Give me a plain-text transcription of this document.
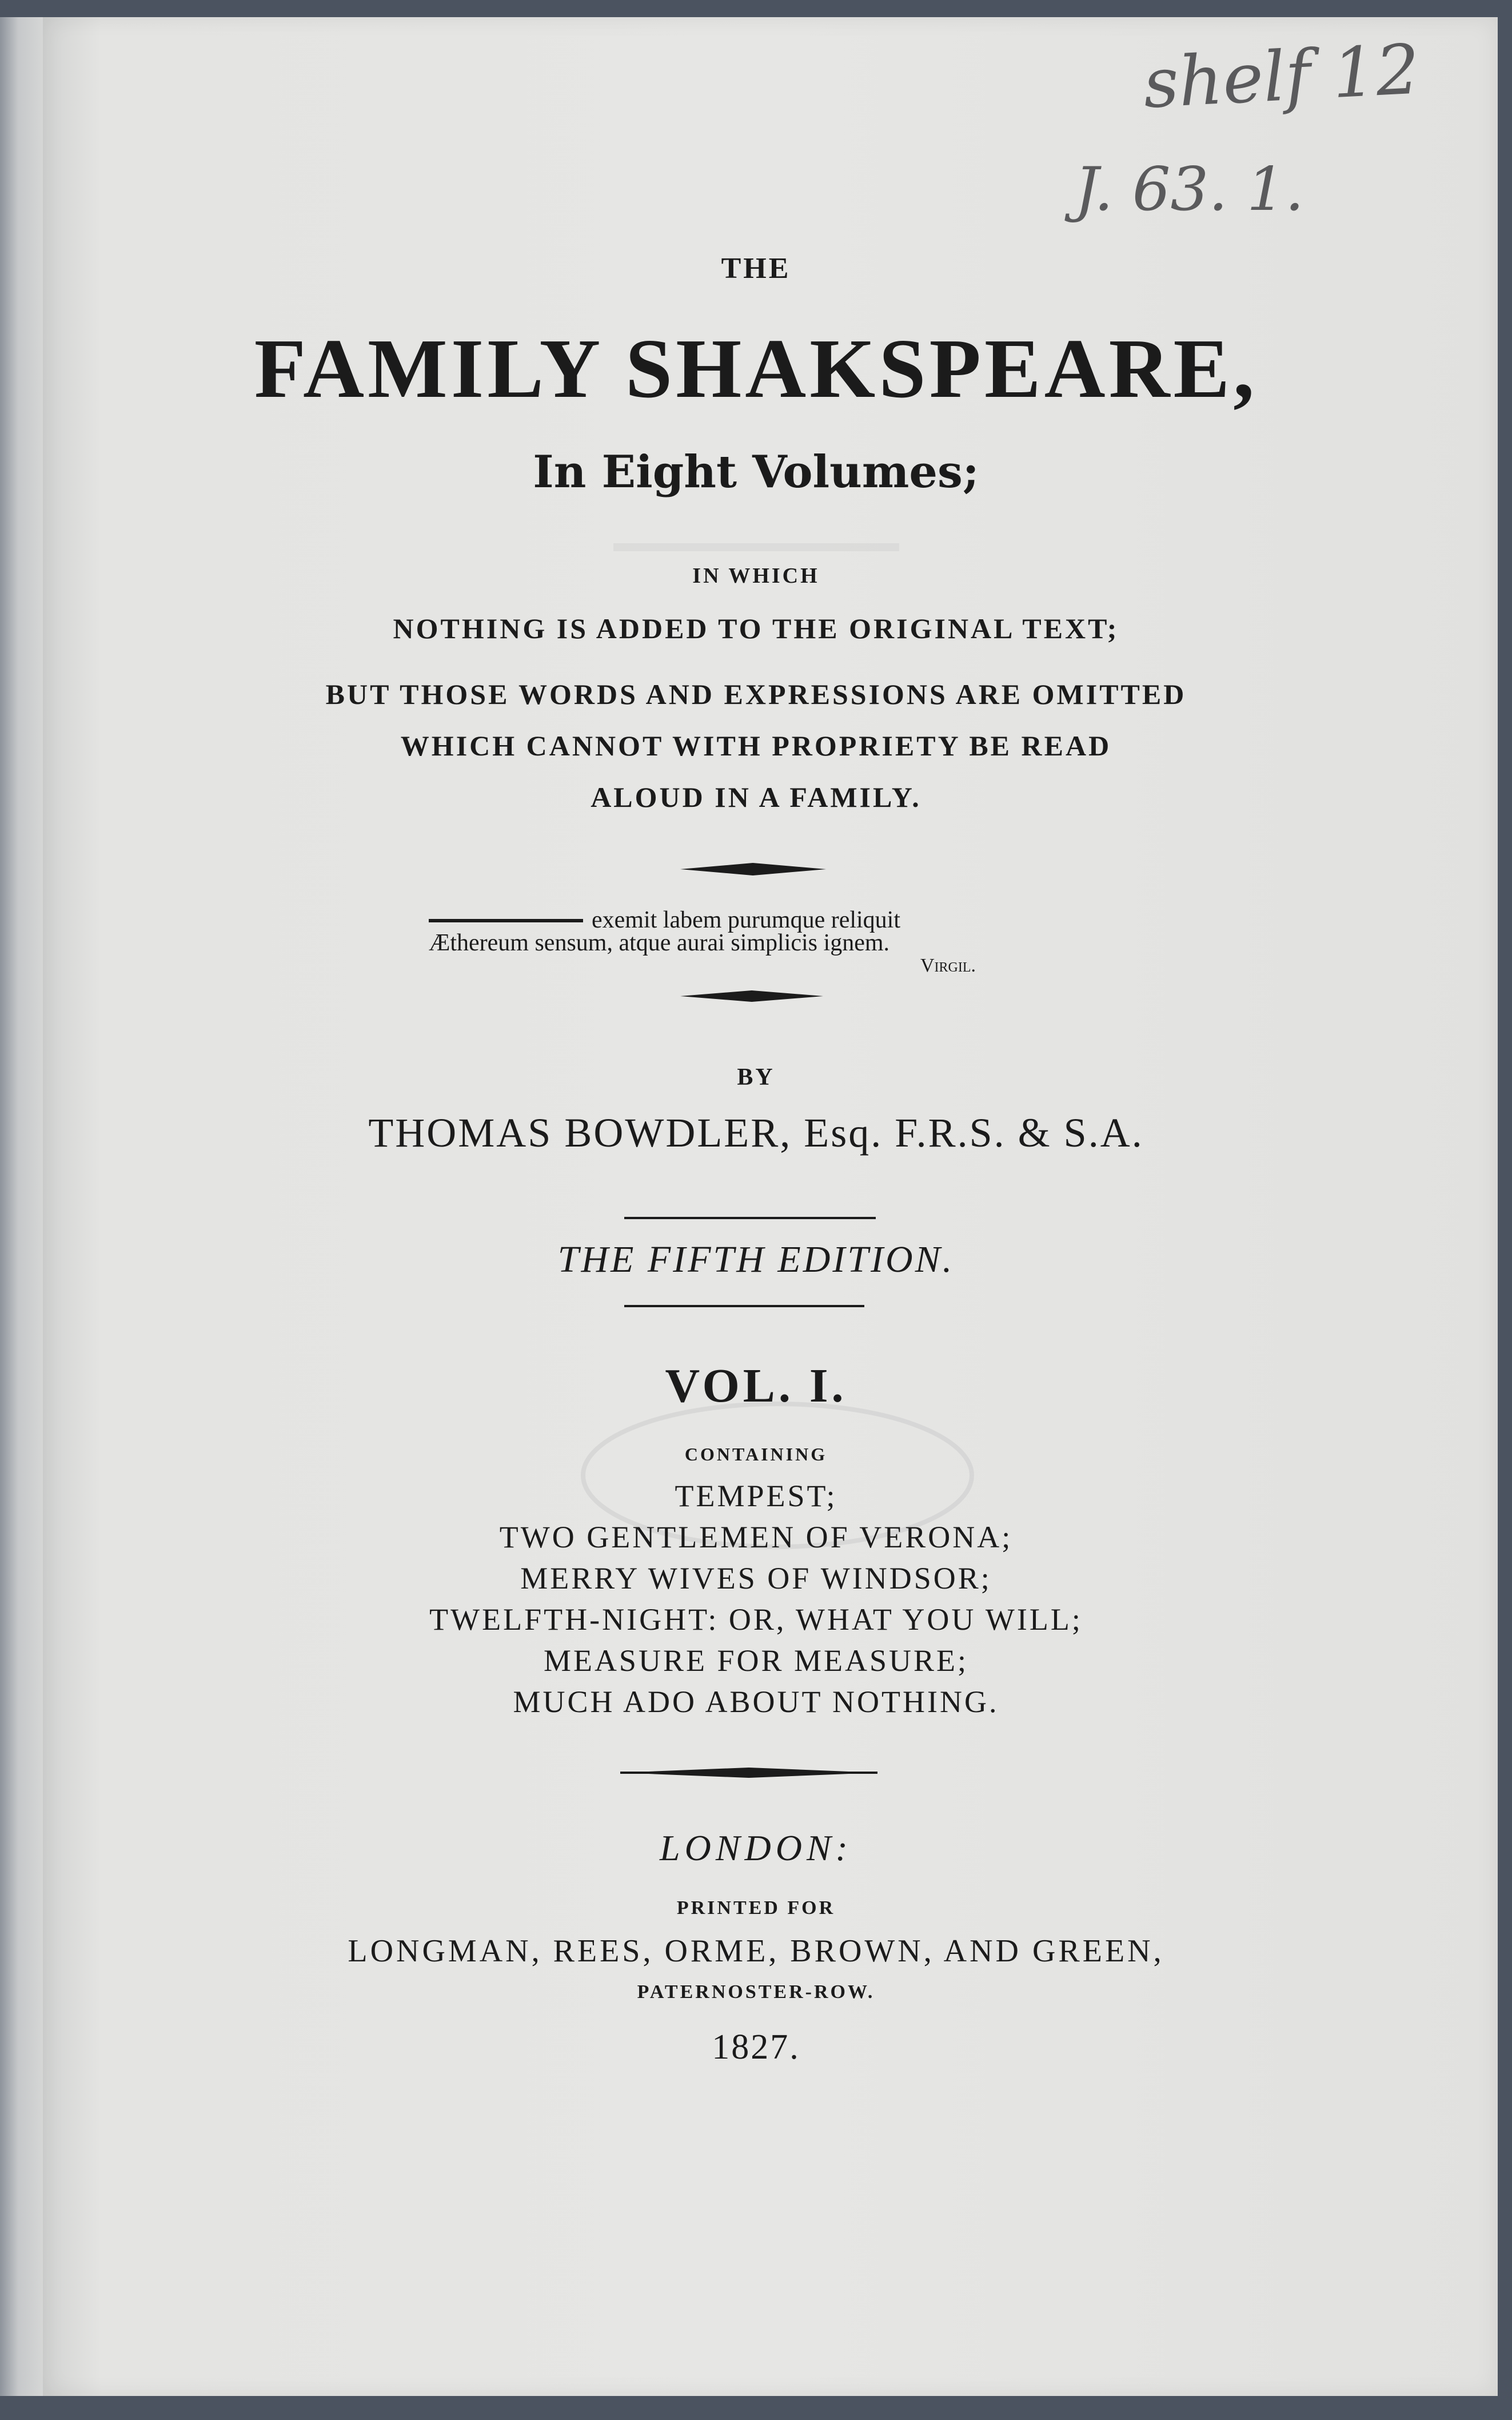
shelf 12
J. 63. 1.
THE
FAMILY SHAKSPEARE,
In Eight Volumes;
IN WHICH
NOTHING IS ADDED TO THE ORIGINAL TEXT;
BUT THOSE WORDS AND EXPRESSIONS ARE OMITTED
WHICH CANNOT WITH PROPRIETY BE READ
ALOUD IN A FAMILY.
exemit labem purumque reliquit
Æthereum sensum, atque aurai simplicis ignem.
Virgil.
BY
THOMAS BOWDLER, Esq. F.R.S. & S.A.
THE FIFTH EDITION.
VOL. I.
CONTAINING
TEMPEST;
TWO GENTLEMEN OF VERONA;
MERRY WIVES OF WINDSOR;
TWELFTH-NIGHT: OR, WHAT YOU WILL;
MEASURE FOR MEASURE;
MUCH ADO ABOUT NOTHING.
LONDON:
PRINTED FOR
LONGMAN, REES, ORME, BROWN, AND GREEN,
PATERNOSTER-ROW.
1827.
